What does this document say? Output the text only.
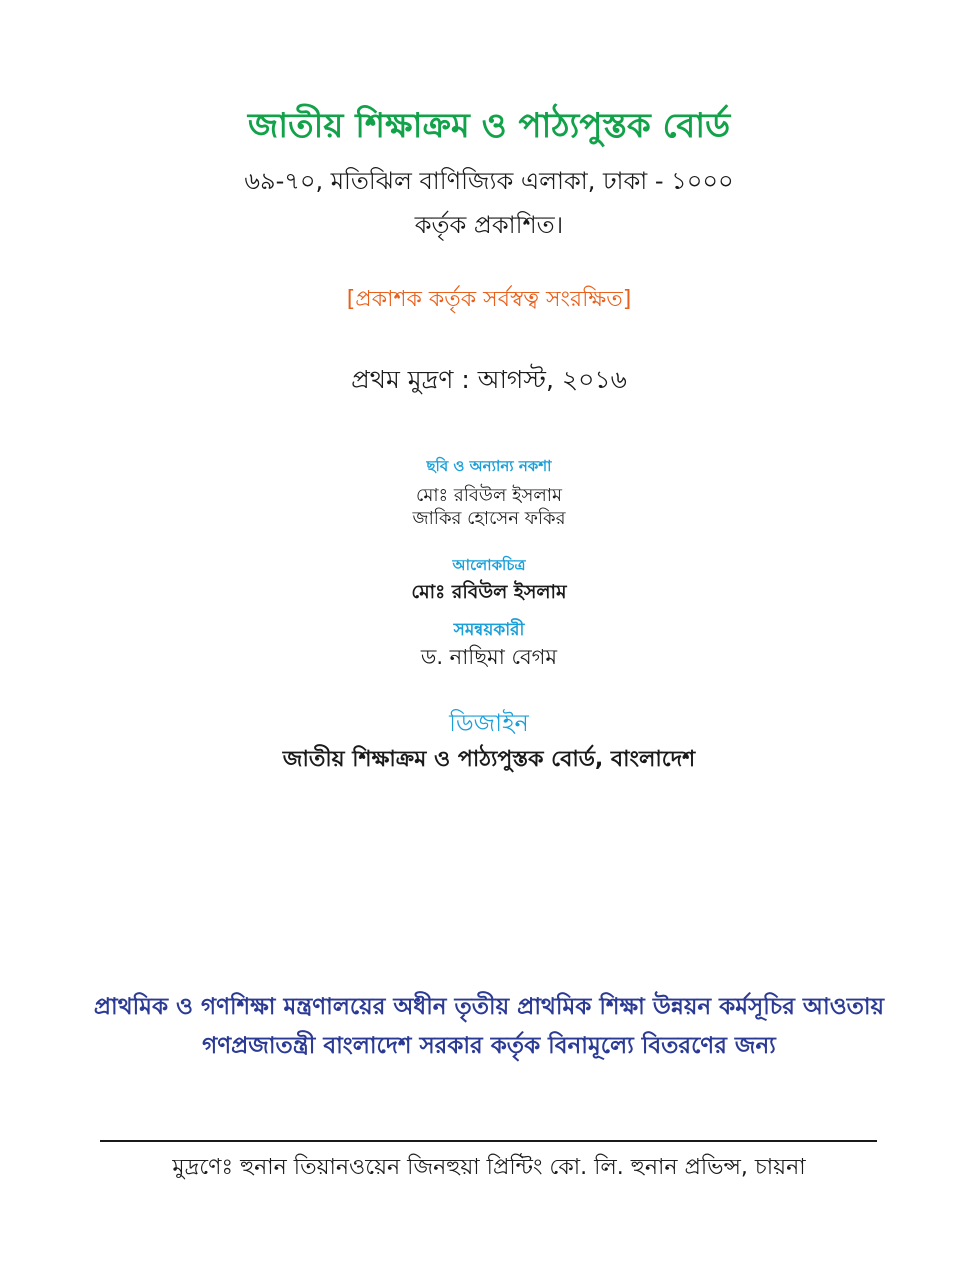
জাতীয় শিক্ষাক্রম ও পাঠ্যপুস্তক বোর্ড
৬৯-৭০, মতিঝিল বাণিজ্যিক এলাকা, ঢাকা - ১০০০
কর্তৃক প্রকাশিত।
[প্রকাশক কর্তৃক সর্বস্বত্ব সংরক্ষিত]
প্রথম মুদ্রণ : আগস্ট, ২০১৬
ছবি ও অন্যান্য নকশা
মোঃ রবিউল ইসলাম
জাকির হোসেন ফকির
আলোকচিত্র
মোঃ রবিউল ইসলাম
সমন্বয়কারী
ড. নাছিমা বেগম
ডিজাইন
জাতীয় শিক্ষাক্রম ও পাঠ্যপুস্তক বোর্ড, বাংলাদেশ
প্রাথমিক ও গণশিক্ষা মন্ত্রণালয়ের অধীন তৃতীয় প্রাথমিক শিক্ষা উন্নয়ন কর্মসূচির আওতায়
গণপ্রজাতন্ত্রী বাংলাদেশ সরকার কর্তৃক বিনামূল্যে বিতরণের জন্য
মুদ্রণেঃ হুনান তিয়ানওয়েন জিনহুয়া প্রিন্টিং কো. লি. হুনান প্রভিন্স, চায়না
